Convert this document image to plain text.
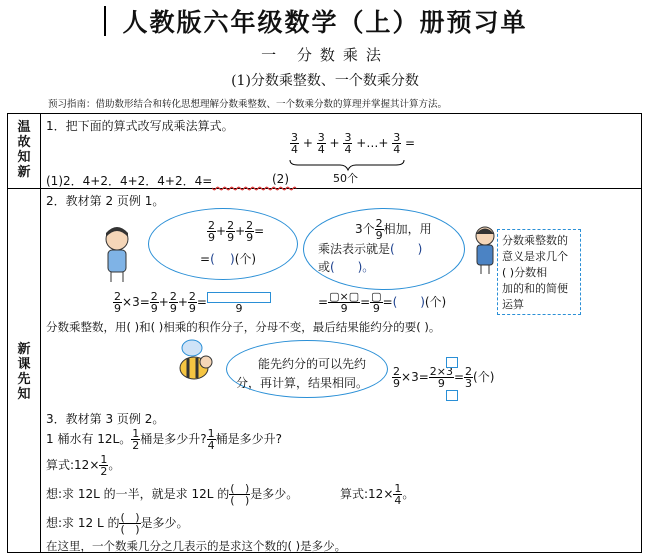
人教版六年级数学（上）册预习单
一 分数乘法
(1)分数乘整数、一个数乘分数
预习指南：借助数形结合和转化思想理解分数乘整数、一个数乘分数的算理并掌握其计算方法。
温
故
知
新
新
课
先
知
1．把下面的算式改写成乘法算式。
$\frac{3}{4} + \frac{3}{4} + \frac{3}{4}$ +…+ $\frac{3}{4}$ =
50个
(1)2．4+2．4+2．4+2．4=	(2)
2．教材第 2 页例 1。
$\frac{2}{9} + \frac{2}{9} + \frac{2}{9}$ =
=(    )(个)
3个 $\frac{2}{9}$ 相加，用
乘法表示就是(      )
或(      )。
分数乘整数的
意义是求几个
( )分数相
加的和的简便
运算
$\frac{2}{9} \times 3= \frac{2}{9} + \frac{2}{9} + \frac{2}{9}$ =
	9	= $\frac{▢\times▢}{9} = \frac{▢}{9}$ =(      )(个)
分数乘整数，用( )和( )相乘的积作分子，分母不变，最后结果能约分的要( )。
能先约分的可以先约
分，再计算，结果相同。 $\frac{2}{9} \times 3= \frac{2\times 3}{9} = \frac{2}{3}$ (个)
3．教材第 3 页例 2。
1 桶水有 12L。 $\frac{1}{2}$ 桶是多少升? $\frac{1}{4}$ 桶是多少升?
算式:12× $\frac{1}{2}$ 。
想:求 12L 的一半，就是求 12L 的 $\frac{( )}{( )}$ 是多少。	算式:12× $\frac{1}{4}$ 。
想:求 12 L 的 $\frac{( )}{( )}$ 是多少。
在这里，一个数乘几分之几表示的是求这个数的( )是多少。
